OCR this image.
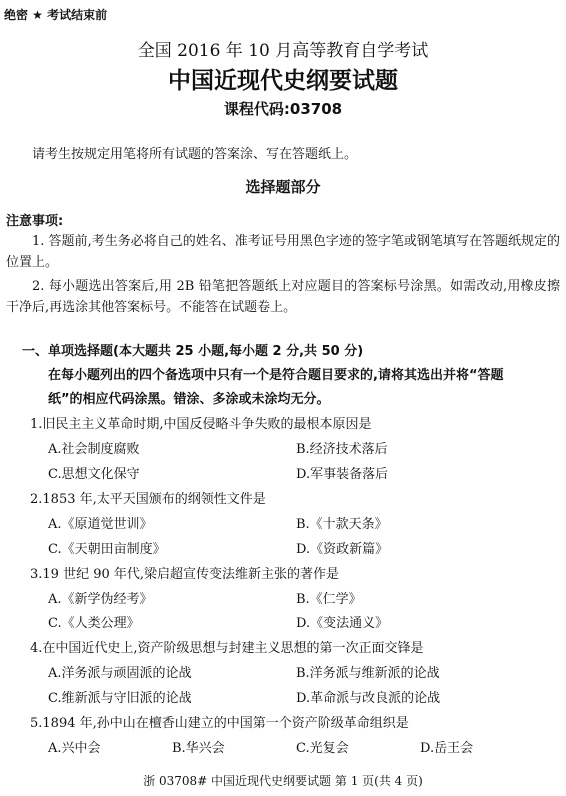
绝密 ★ 考试结束前
全国 2016 年 10 月高等教育自学考试
中国近现代史纲要试题
课程代码:03708
请考生按规定用笔将所有试题的答案涂、写在答题纸上。
选择题部分
注意事项:
1. 答题前,考生务必将自己的姓名、准考证号用黑色字迹的签字笔或钢笔填写在答题纸规定的位置上。
2. 每小题选出答案后,用 2B 铅笔把答题纸上对应题目的答案标号涂黑。如需改动,用橡皮擦干净后,再选涂其他答案标号。不能答在试题卷上。
一、单项选择题(本大题共 25 小题,每小题 2 分,共 50 分)
在每小题列出的四个备选项中只有一个是符合题目要求的,请将其选出并将“答题
纸”的相应代码涂黑。错涂、多涂或未涂均无分。
1.旧民主主义革命时期,中国反侵略斗争失败的最根本原因是
A.社会制度腐败	B.经济技术落后
C.思想文化保守	D.军事装备落后
2.1853 年,太平天国颁布的纲领性文件是
A.《原道觉世训》	B.《十款天条》
C.《天朝田亩制度》	D.《资政新篇》
3.19 世纪 90 年代,梁启超宣传变法维新主张的著作是
A.《新学伪经考》	B.《仁学》
C.《人类公理》	D.《变法通义》
4.在中国近代史上,资产阶级思想与封建主义思想的第一次正面交锋是
A.洋务派与顽固派的论战	B.洋务派与维新派的论战
C.维新派与守旧派的论战	D.革命派与改良派的论战
5.1894 年,孙中山在檀香山建立的中国第一个资产阶级革命组织是
A.兴中会	B.华兴会	C.光复会	D.岳王会
浙 03708# 中国近现代史纲要试题 第 1 页(共 4 页)
